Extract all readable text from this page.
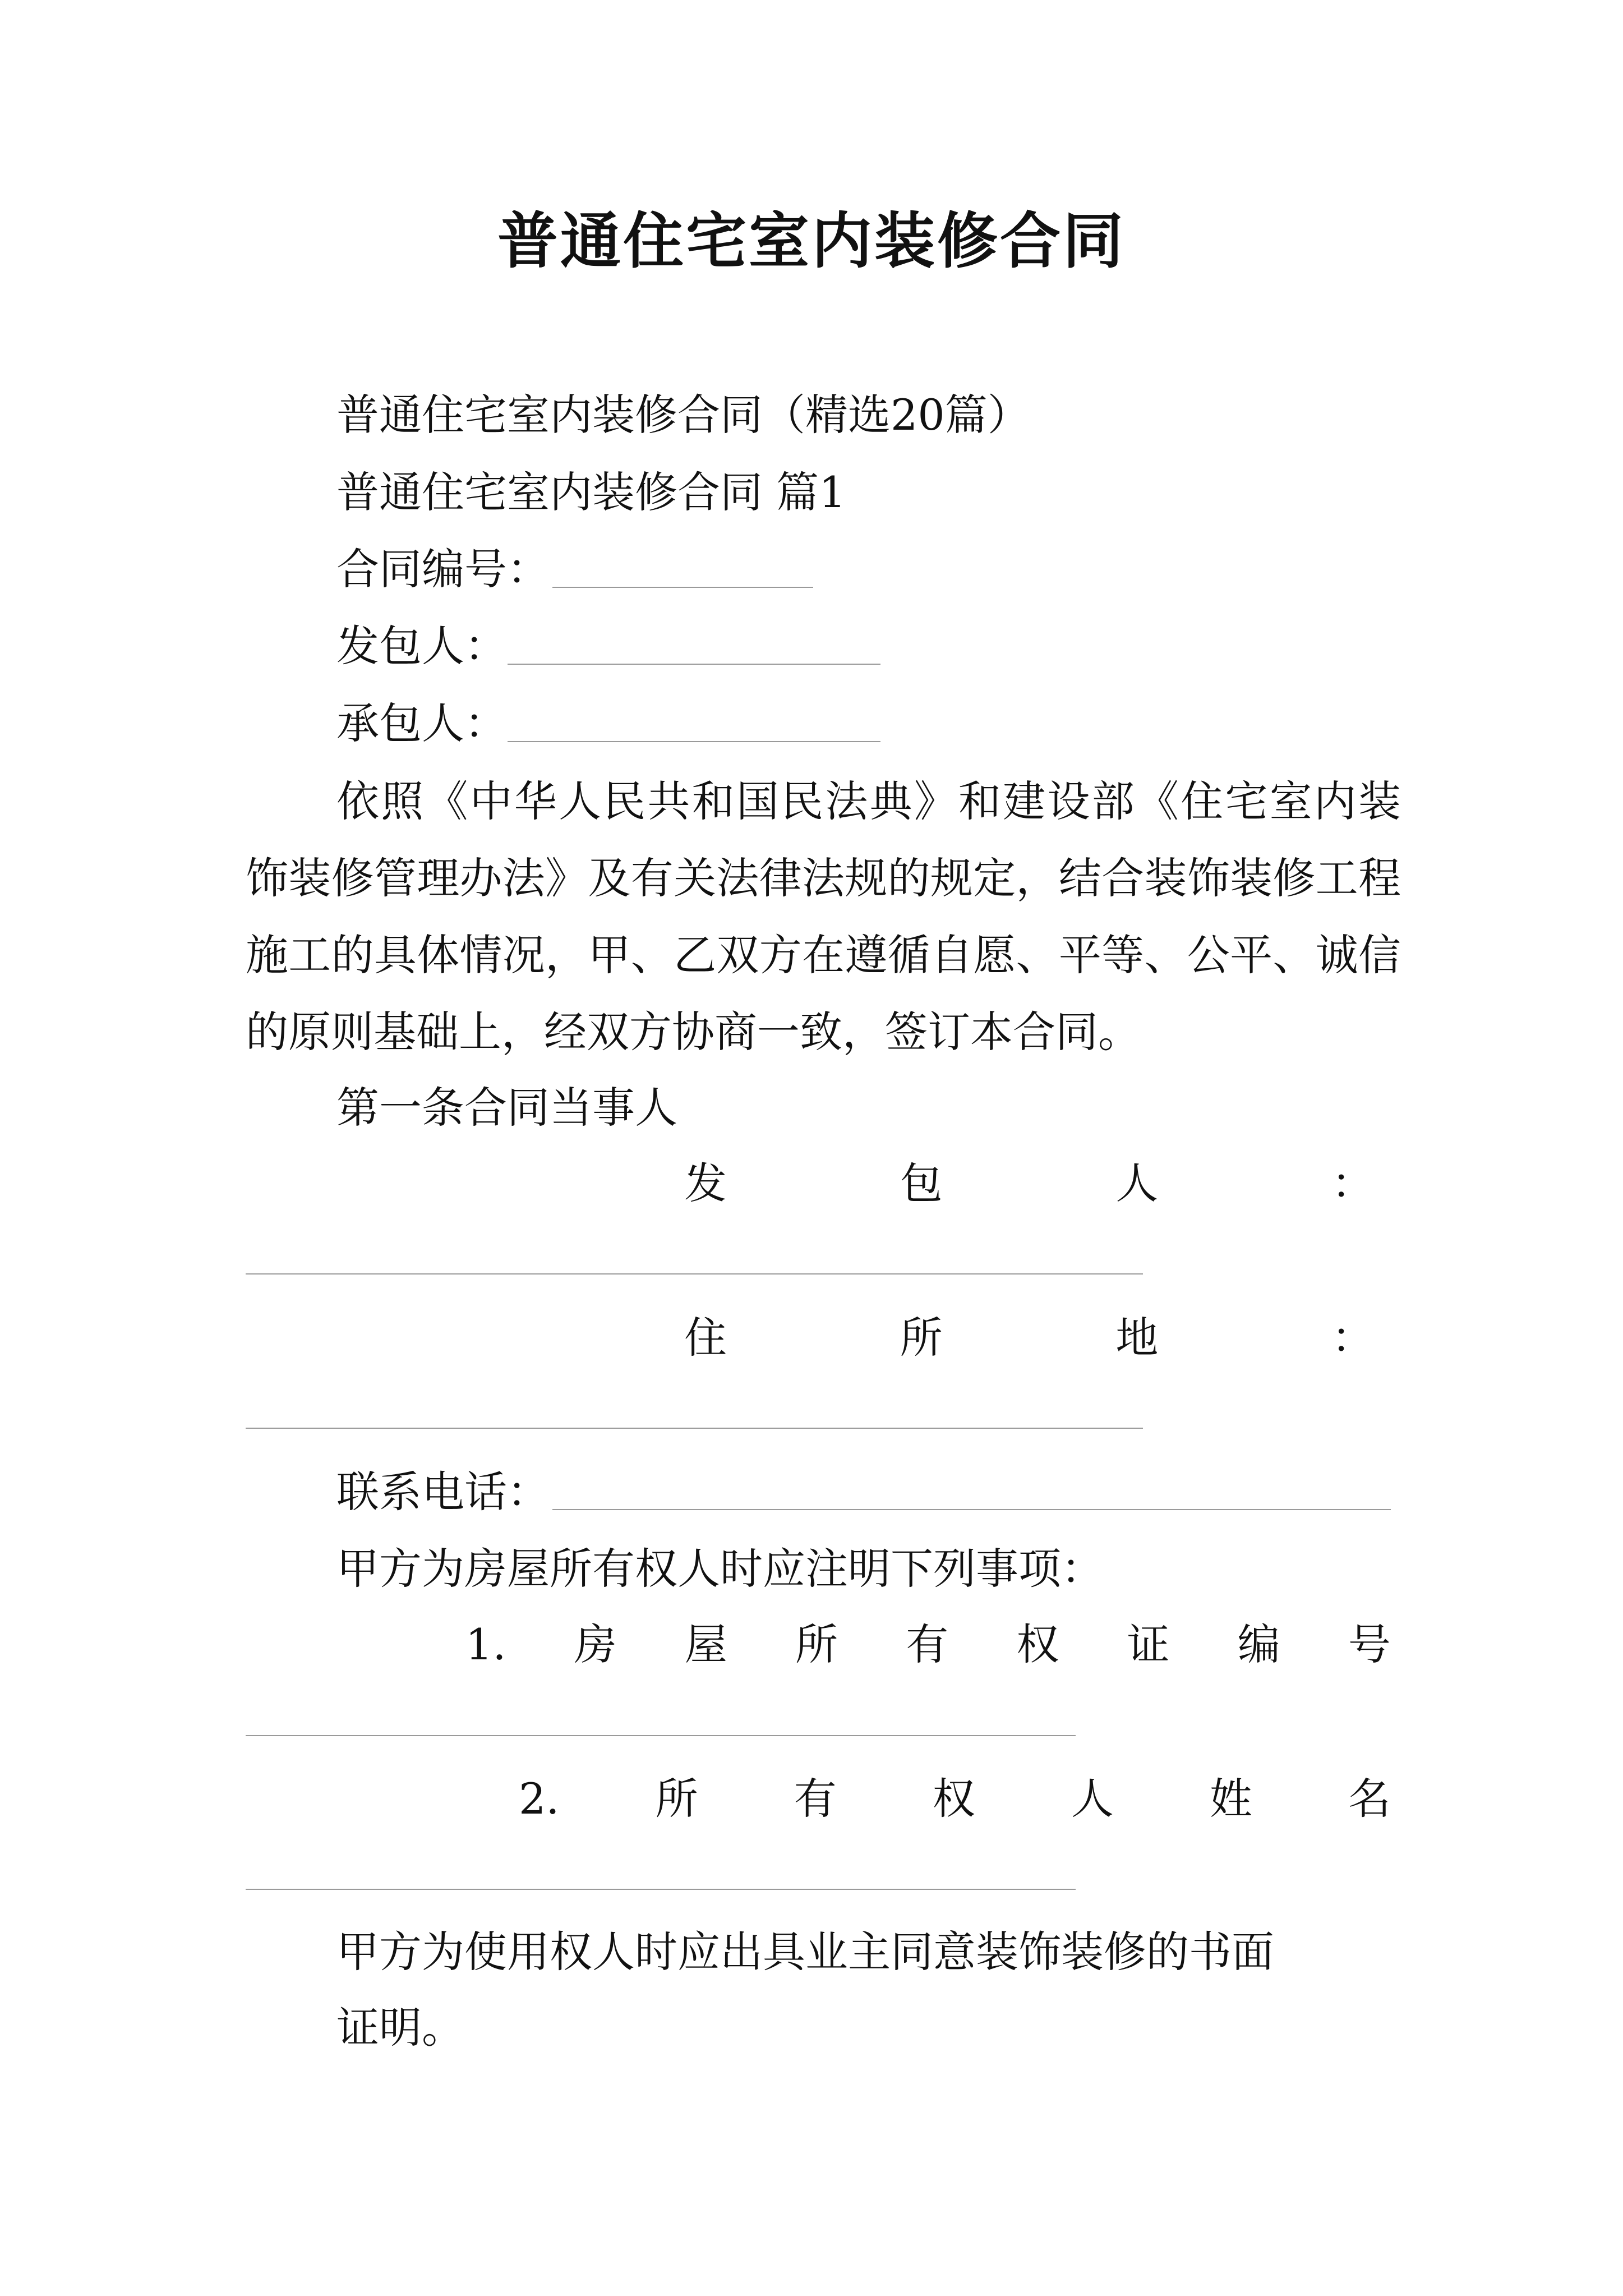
普通住宅室内装修合同
普通住宅室内装修合同（精选20篇）
普通住宅室内装修合同 篇1
合同编号：
发包人：
承包人：
依照《中华人民共和国民法典》和建设部《住宅室内装饰装修管理办法》及有关法律法规的规定，结合装饰装修工程施工的具体情况，甲、乙双方在遵循自愿、平等、公平、诚信的原则基础上，经双方协商一致，签订本合同。
第一条合同当事人
发	包	人	：
住	所	地	：
联系电话：
甲方为房屋所有权人时应注明下列事项：
1. 房 屋 所 有 权 证 编 号
2. 所 有 权 人 姓 名
甲方为使用权人时应出具业主同意装饰装修的书面
证明。
